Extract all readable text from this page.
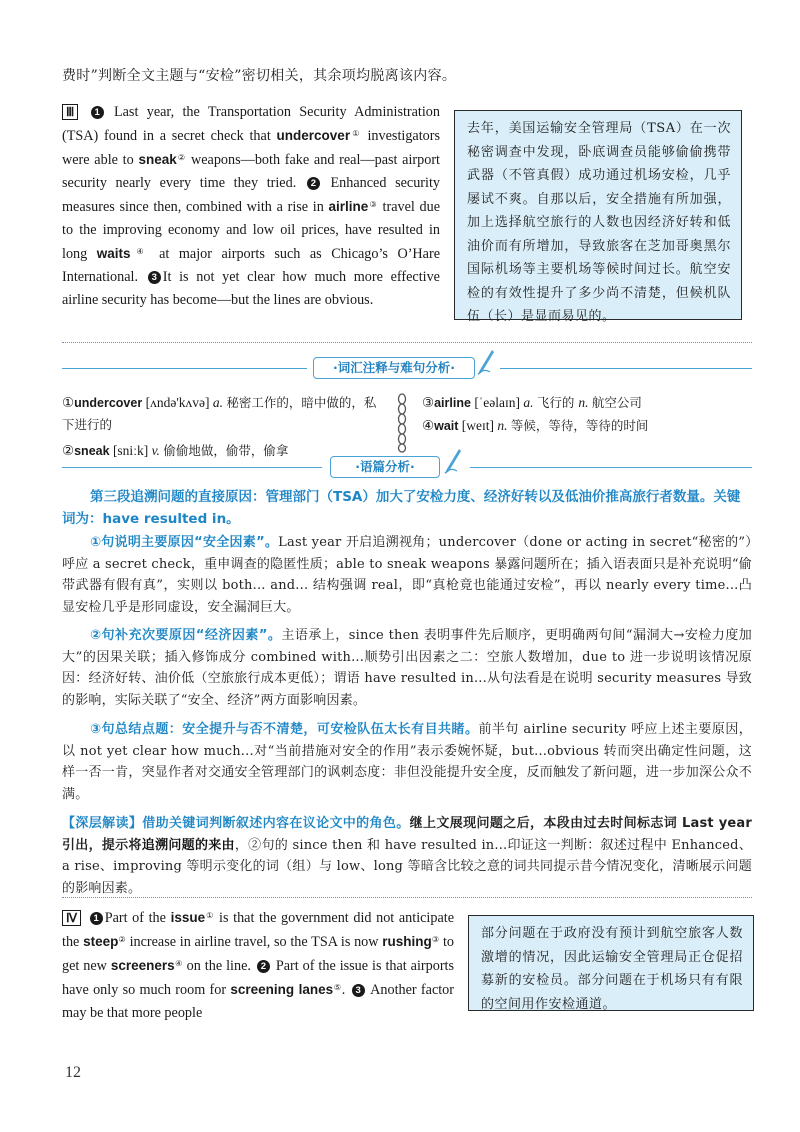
费时”判断全文主题与“安检”密切相关，其余项均脱离该内容。
Ⅲ 1 Last year, the Transportation Security Administration (TSA) found in a secret check that undercover① investigators were able to sneak② weapons—both fake and real—past airport security nearly every time they tried. 2 Enhanced security measures since then, combined with a rise in airline③ travel due to the improving economy and low oil prices, have resulted in long waits④ at major airports such as Chicago’s O’Hare International. 3 It is not yet clear how much more effective airline security has become—but the lines are obvious.
去年，美国运输安全管理局（TSA）在一次秘密调查中发现，卧底调查员能够偷偷携带武器（不管真假）成功通过机场安检，几乎屡试不爽。自那以后，安全措施有所加强，加上选择航空旅行的人数也因经济好转和低油价而有所增加，导致旅客在芝加哥奥黑尔国际机场等主要机场等候时间过长。航空安检的有效性提升了多少尚不清楚，但候机队伍（长）是显而易见的。
·词汇注释与难句分析·
①undercover [ʌndə'kʌvə] a. 秘密工作的，暗中做的，私下进行的
②sneak [sniːk] v. 偷偷地做，偷带，偷拿
③airline [ˈeəlaɪn] a. 飞行的 n. 航空公司
④wait [weɪt] n. 等候，等待，等待的时间
·语篇分析·
第三段追溯问题的直接原因：管理部门（TSA）加大了安检力度、经济好转以及低油价推高旅行者数量。关键词为：have resulted in。
①句说明主要原因“安全因素”。Last year 开启追溯视角；undercover（done or acting in secret“秘密的”）呼应 a secret check，重申调查的隐匿性质；able to sneak weapons 暴露问题所在；插入语表面只是补充说明“偷带武器有假有真”，实则以 both... and... 结构强调 real，即“真枪竟也能通过安检”，再以 nearly every time...凸显安检几乎是形同虚设，安全漏洞巨大。
②句补充次要原因“经济因素”。主语承上，since then 表明事件先后顺序，更明确两句间“漏洞大→安检力度加大”的因果关联；插入修饰成分 combined with...顺势引出因素之二：空旅人数增加，due to 进一步说明该情况原因：经济好转、油价低（空旅旅行成本更低）；谓语 have resulted in...从句法看是在说明 security measures 导致的影响，实际关联了“安全、经济”两方面影响因素。
③句总结点题：安全提升与否不清楚，可安检队伍太长有目共睹。前半句 airline security 呼应上述主要原因，以 not yet clear how much...对“当前措施对安全的作用”表示委婉怀疑，but...obvious 转而突出确定性问题，这样一否一肯，突显作者对交通安全管理部门的讽刺态度：非但没能提升安全度，反而触发了新问题，进一步加深公众不满。
【深层解读】借助关键词判断叙述内容在议论文中的角色。继上文展现问题之后，本段由过去时间标志词 Last year 引出，提示将追溯问题的来由，②句的 since then 和 have resulted in...印证这一判断：叙述过程中 Enhanced、a rise、improving 等明示变化的词（组）与 low、long 等暗含比较之意的词共同提示昔今情况变化，清晰展示问题的影响因素。
Ⅳ 1 Part of the issue① is that the government did not anticipate the steep② increase in airline travel, so the TSA is now rushing③ to get new screeners④ on the line. 2 Part of the issue is that airports have only so much room for screening lanes⑤. 3 Another factor may be that more people
部分问题在于政府没有预计到航空旅客人数激增的情况，因此运输安全管理局正仓促招募新的安检员。部分问题在于机场只有有限的空间用作安检通道。
12
